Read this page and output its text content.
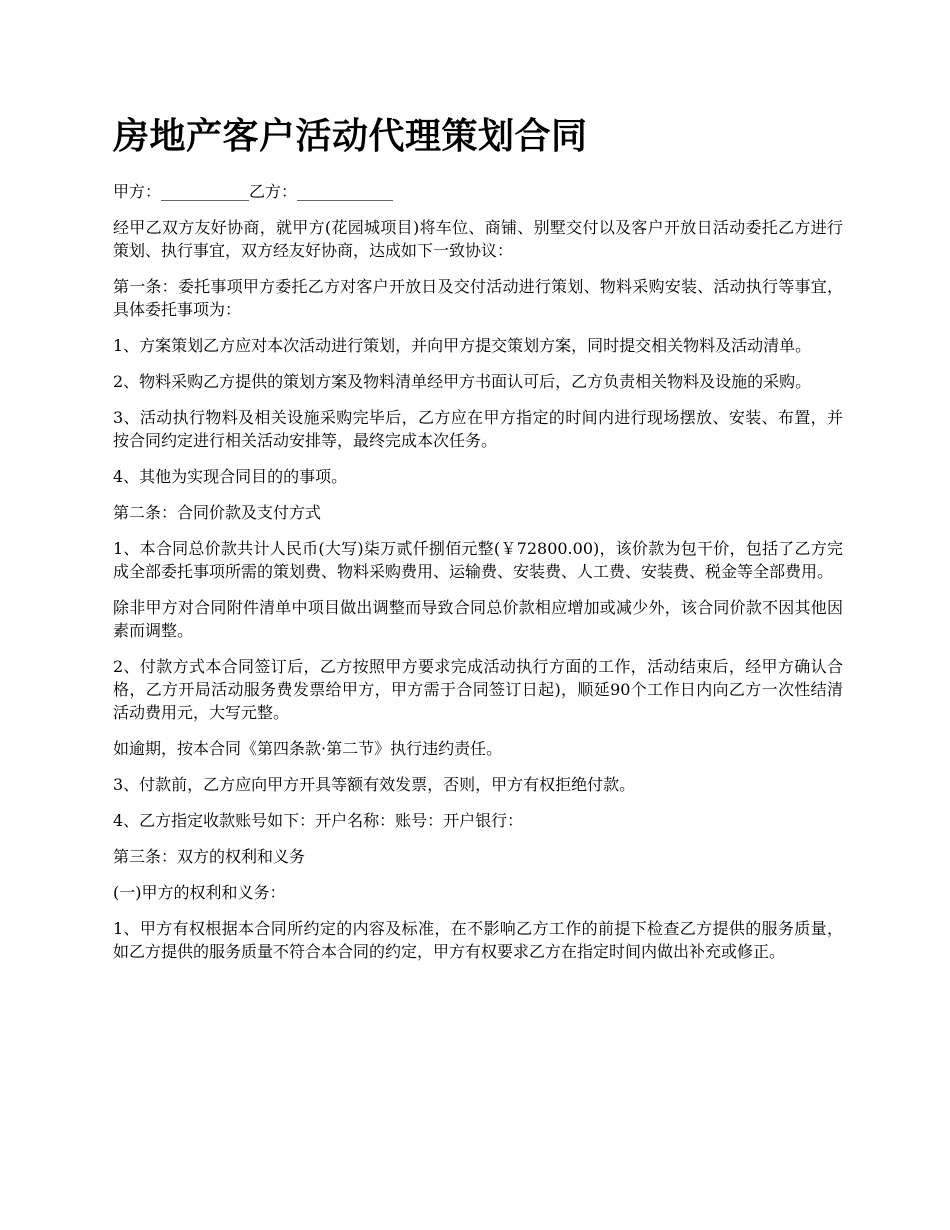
房地产客户活动代理策划合同

甲方：___________乙方：____________

经甲乙双方友好协商，就甲方(花园城项目)将车位、商铺、别墅交付以及客户开放日活动委托乙方进行策划、执行事宜，双方经友好协商，达成如下一致协议：

第一条：委托事项甲方委托乙方对客户开放日及交付活动进行策划、物料采购安装、活动执行等事宜，具体委托事项为：

1、方案策划乙方应对本次活动进行策划，并向甲方提交策划方案，同时提交相关物料及活动清单。

2、物料采购乙方提供的策划方案及物料清单经甲方书面认可后，乙方负责相关物料及设施的采购。

3、活动执行物料及相关设施采购完毕后，乙方应在甲方指定的时间内进行现场摆放、安装、布置，并按合同约定进行相关活动安排等，最终完成本次任务。

4、其他为实现合同目的的事项。

第二条：合同价款及支付方式

1、本合同总价款共计人民币(大写)柒万贰仟捌佰元整(￥72800.00)，该价款为包干价，包括了乙方完成全部委托事项所需的策划费、物料采购费用、运输费、安装费、人工费、安装费、税金等全部费用。

除非甲方对合同附件清单中项目做出调整而导致合同总价款相应增加或减少外，该合同价款不因其他因素而调整。

2、付款方式本合同签订后，乙方按照甲方要求完成活动执行方面的工作，活动结束后，经甲方确认合格，乙方开局活动服务费发票给甲方，甲方需于合同签订日起)，顺延90个工作日内向乙方一次性结清活动费用元，大写元整。

如逾期，按本合同《第四条款·第二节》执行违约责任。

3、付款前，乙方应向甲方开具等额有效发票，否则，甲方有权拒绝付款。

4、乙方指定收款账号如下：开户名称：账号：开户银行：

第三条：双方的权利和义务

(一)甲方的权利和义务：

1、甲方有权根据本合同所约定的内容及标准，在不影响乙方工作的前提下检查乙方提供的服务质量，如乙方提供的服务质量不符合本合同的约定，甲方有权要求乙方在指定时间内做出补充或修正。
